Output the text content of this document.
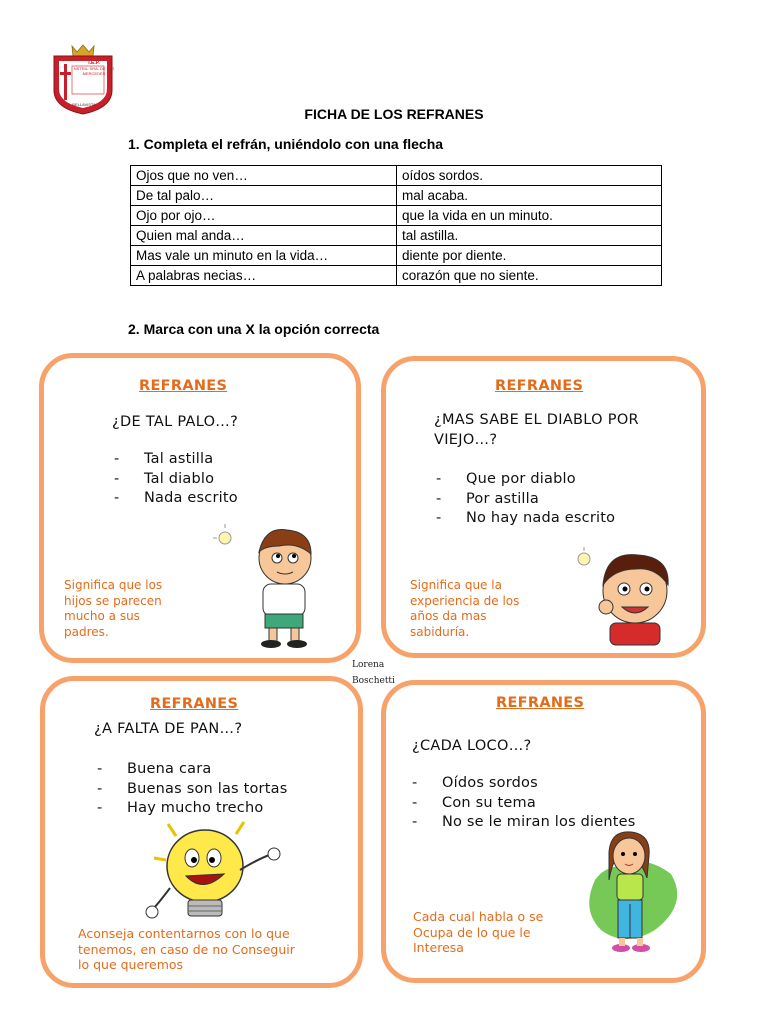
I.E.P.
NSTRA. SRA. DE LAS MERCEDES
BELLAVISTA
FICHA DE LOS REFRANES
1. Completa el refrán, uniéndolo con una flecha
Ojos que no ven…	oídos sordos.
De tal palo…	mal acaba.
Ojo por ojo…	que la vida en un minuto.
Quien mal anda…	tal astilla.
Mas vale un minuto en la vida…	diente por diente.
A palabras necias…	corazón que no siente.
2. Marca con una X la opción correcta
REFRANES
¿DE TAL PALO…?
- Tal astilla
- Tal diablo
- Nada escrito
Significa que los
hijos se parecen
mucho a sus
padres.
REFRANES
¿MAS SABE EL DIABLO POR VIEJO…?
- Que por diablo
- Por astilla
- No hay nada escrito
Significa que la
experiencia de los
años da mas
sabiduría.
Lorena
Boschetti
REFRANES
¿A FALTA DE PAN…?
- Buena cara
- Buenas son las tortas
- Hay mucho trecho
Aconseja contentarnos con lo que
tenemos, en caso de no Conseguir
lo que queremos
REFRANES
¿CADA LOCO…?
- Oídos sordos
- Con su tema
- No se le miran los dientes
Cada cual habla o se
Ocupa de lo que le
Interesa
